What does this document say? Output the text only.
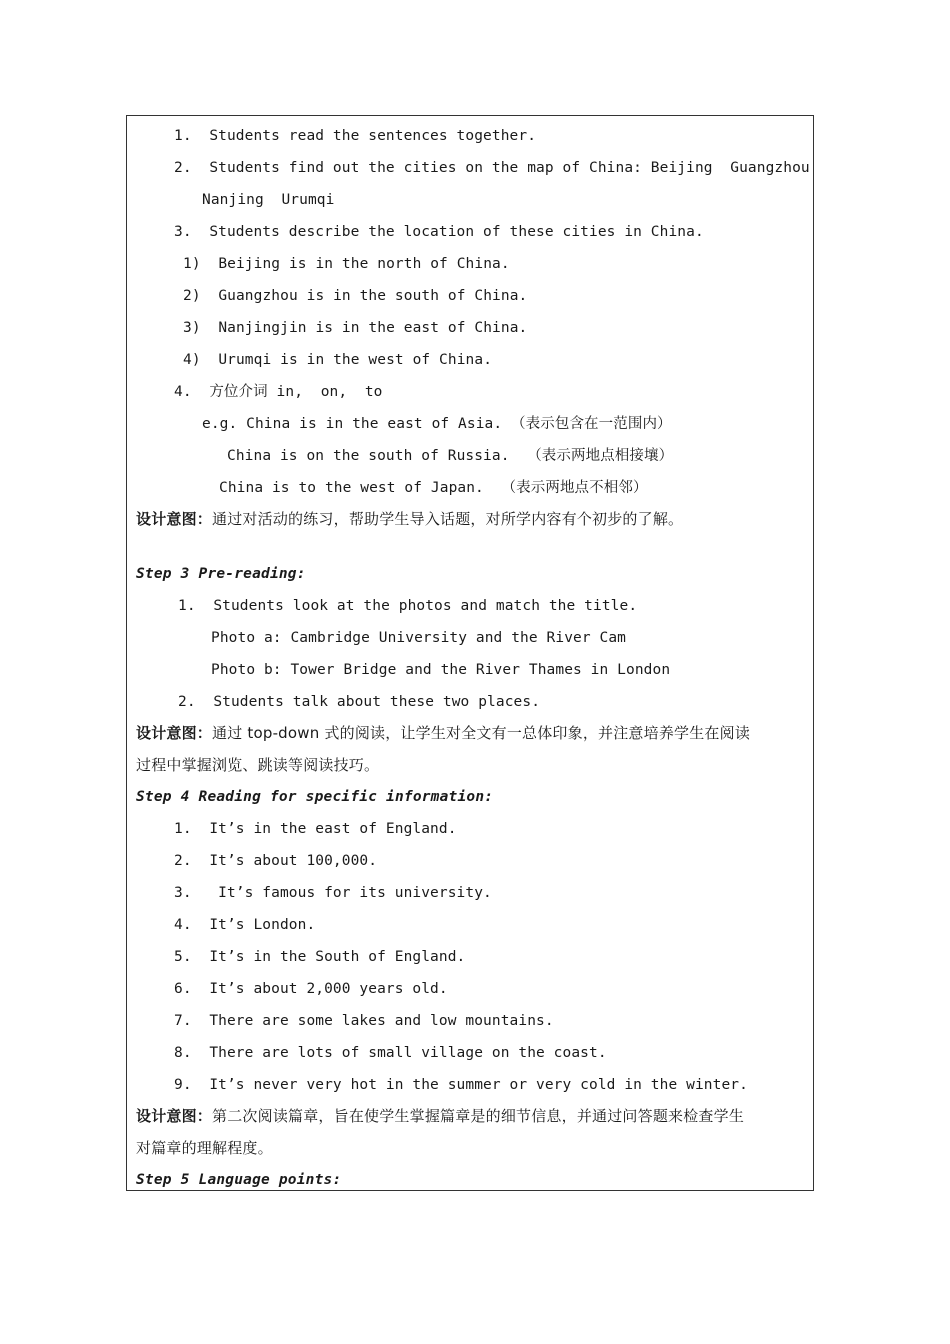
1.  Students read the sentences together.
2.  Students find out the cities on the map of China: Beijing  Guangzhou
Nanjing  Urumqi
3.  Students describe the location of these cities in China.
1)  Beijing is in the north of China.
2)  Guangzhou is in the south of China.
3)  Nanjingjin is in the east of China.
4)  Urumqi is in the west of China.
4.  方位介词 in,  on,  to
e.g. China is in the east of Asia. （表示包含在一范围内）
China is on the south of Russia.  （表示两地点相接壤）
China is to the west of Japan.  （表示两地点不相邻）
设计意图：通过对活动的练习，帮助学生导入话题，对所学内容有个初步的了解。
Step 3 Pre-reading:
1.  Students look at the photos and match the title.
Photo a: Cambridge University and the River Cam
Photo b: Tower Bridge and the River Thames in London
2.  Students talk about these two places.
设计意图：通过 top-down 式的阅读，让学生对全文有一总体印象，并注意培养学生在阅读
过程中掌握浏览、跳读等阅读技巧。
Step 4 Reading for specific information:
1.  It’s in the east of England.
2.  It’s about 100,000.
3.   It’s famous for its university.
4.  It’s London.
5.  It’s in the South of England.
6.  It’s about 2,000 years old.
7.  There are some lakes and low mountains.
8.  There are lots of small village on the coast.
9.  It’s never very hot in the summer or very cold in the winter.
设计意图：第二次阅读篇章，旨在使学生掌握篇章是的细节信息，并通过问答题来检查学生
对篇章的理解程度。
Step 5 Language points:
